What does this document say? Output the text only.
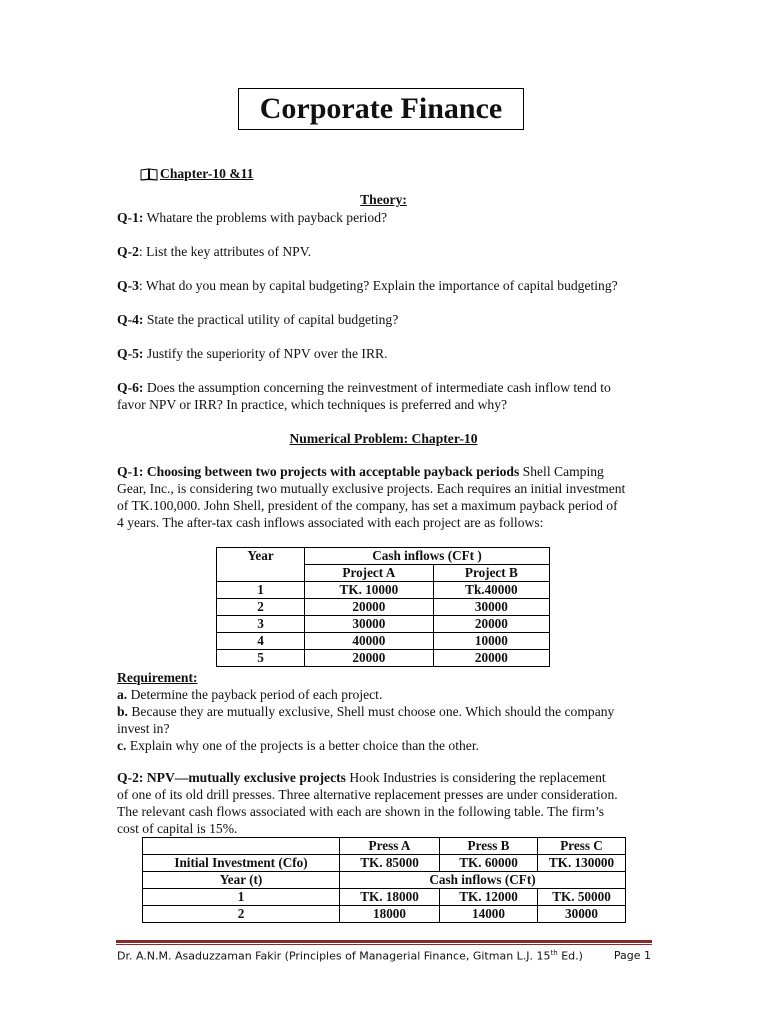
Corporate Finance
Chapter-10 &11
Theory:
Q-1: Whatare the problems with payback period?
Q-2: List the key attributes of NPV.
Q-3: What do you mean by capital budgeting? Explain the importance of capital budgeting?
Q-4: State the practical utility of capital budgeting?
Q-5: Justify the superiority of NPV over the IRR.
Q-6: Does the assumption concerning the reinvestment of intermediate cash inflow tend to
favor NPV or IRR? In practice, which techniques is preferred and why?
Numerical Problem: Chapter-10
Q-1: Choosing between two projects with acceptable payback periods Shell Camping
Gear, Inc., is considering two mutually exclusive projects. Each requires an initial investment
of TK.100,000. John Shell, president of the company, has set a maximum payback period of
4 years. The after-tax cash inflows associated with each project are as follows:
Year	Cash inflows (CFt )	
	Project A	Project B
1	TK. 10000	Tk.40000
2	20000	30000
3	30000	20000
4	40000	10000
5	20000	20000
Requirement:
a. Determine the payback period of each project.
b. Because they are mutually exclusive, Shell must choose one. Which should the company
invest in?
c. Explain why one of the projects is a better choice than the other.
Q-2: NPV—mutually exclusive projects Hook Industries is considering the replacement
of one of its old drill presses. Three alternative replacement presses are under consideration.
The relevant cash flows associated with each are shown in the following table. The firm’s
cost of capital is 15%.
	Press A	Press B	Press C
Initial Investment (Cfo)	TK. 85000	TK. 60000	TK. 130000
Year (t)	Cash inflows (CFt)		
1	TK. 18000	TK. 12000	TK. 50000
2	18000	14000	30000
Dr. A.N.M. Asaduzzaman Fakir (Principles of Managerial Finance, Gitman L.J. 15th Ed.)	Page 1
